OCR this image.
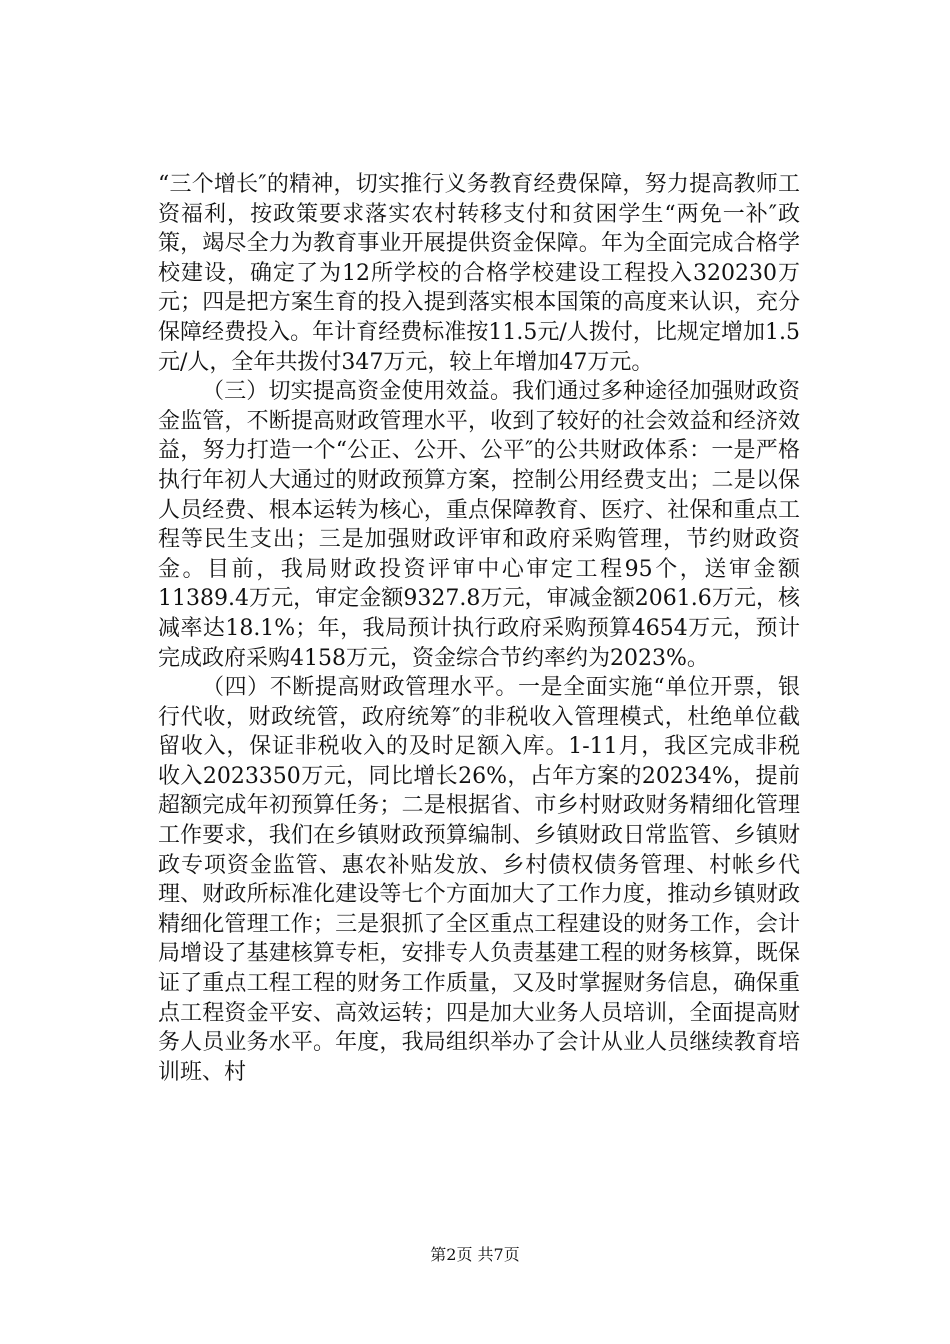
“三个增长″的精神，切实推行义务教育经费保障，努力提高教师工资福利，按政策要求落实农村转移支付和贫困学生“两免一补″政策，竭尽全力为教育事业开展提供资金保障。年为全面完成合格学校建设，确定了为12所学校的合格学校建设工程投入320230万元；四是把方案生育的投入提到落实根本国策的高度来认识，充分保障经费投入。年计育经费标准按11.5元/人拨付，比规定增加1.5元/人，全年共拨付347万元，较上年增加47万元。

（三）切实提高资金使用效益。我们通过多种途径加强财政资金监管，不断提高财政管理水平，收到了较好的社会效益和经济效益，努力打造一个“公正、公开、公平″的公共财政体系：一是严格执行年初人大通过的财政预算方案，控制公用经费支出；二是以保人员经费、根本运转为核心，重点保障教育、医疗、社保和重点工程等民生支出；三是加强财政评审和政府采购管理，节约财政资金。目前，我局财政投资评审中心审定工程95个，送审金额11389.4万元，审定金额9327.8万元，审减金额2061.6万元，核减率达18.1%；年，我局预计执行政府采购预算4654万元，预计完成政府采购4158万元，资金综合节约率约为2023%。

（四）不断提高财政管理水平。一是全面实施“单位开票，银行代收，财政统管，政府统筹″的非税收入管理模式，杜绝单位截留收入，保证非税收入的及时足额入库。1-11月，我区完成非税收入2023350万元，同比增长26%，占年方案的20234%，提前超额完成年初预算任务；二是根据省、市乡村财政财务精细化管理工作要求，我们在乡镇财政预算编制、乡镇财政日常监管、乡镇财政专项资金监管、惠农补贴发放、乡村债权债务管理、村帐乡代理、财政所标准化建设等七个方面加大了工作力度，推动乡镇财政精细化管理工作；三是狠抓了全区重点工程建设的财务工作，会计局增设了基建核算专柜，安排专人负责基建工程的财务核算，既保证了重点工程工程的财务工作质量，又及时掌握财务信息，确保重点工程资金平安、高效运转；四是加大业务人员培训，全面提高财务人员业务水平。年度，我局组织举办了会计从业人员继续教育培训班、村

第2页 共7页
